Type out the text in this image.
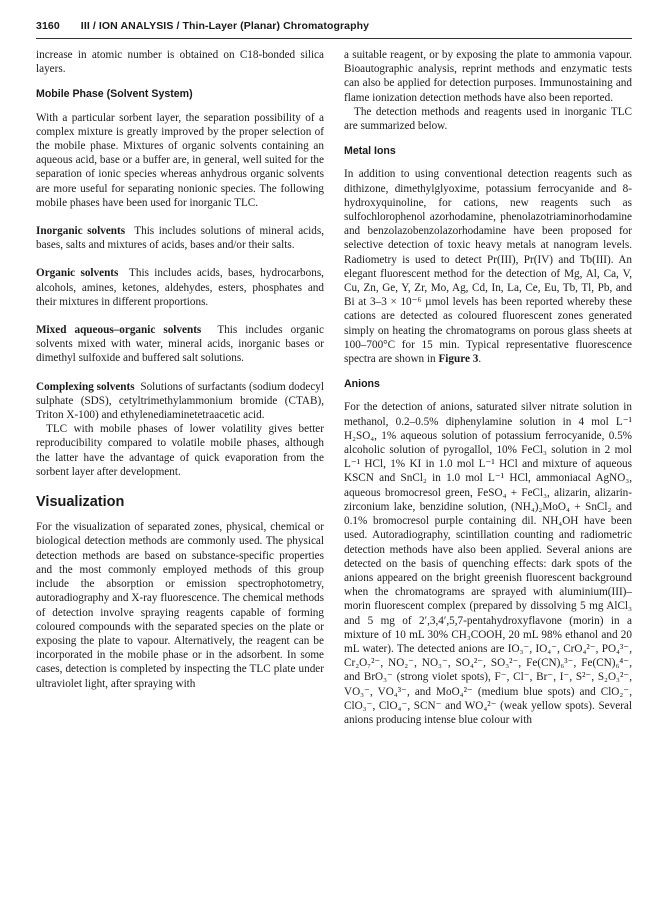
3160 III / ION ANALYSIS / Thin-Layer (Planar) Chromatography

increase in atomic number is obtained on C18-bonded silica layers.

Mobile Phase (Solvent System)

With a particular sorbent layer, the separation possibility of a complex mixture is greatly improved by the proper selection of the mobile phase. Mixtures of organic solvents containing an aqueous acid, base or a buffer are, in general, well suited for the separation of ionic species whereas anhydrous organic solvents are more useful for separating nonionic species. The following mobile phases have been used for inorganic TLC.

Inorganic solvents This includes solutions of mineral acids, bases, salts and mixtures of acids, bases and/or their salts.

Organic solvents This includes acids, bases, hydrocarbons, alcohols, amines, ketones, aldehydes, esters, phosphates and their mixtures in different proportions.

Mixed aqueous–organic solvents This includes organic solvents mixed with water, mineral acids, inorganic bases or dimethyl sulfoxide and buffered salt solutions.

Complexing solvents Solutions of surfactants (sodium dodecyl sulphate (SDS), cetyltrimethylammonium bromide (CTAB), Triton X-100) and ethylenediaminetetraacetic acid.

TLC with mobile phases of lower volatility gives better reproducibility compared to volatile mobile phases, although the latter have the advantage of quick evaporation from the sorbent layer after development.

Visualization

For the visualization of separated zones, physical, chemical or biological detection methods are commonly used. The physical detection methods are based on substance-specific properties and the most commonly employed methods of this group include the absorption or emission spectrophotometry, autoradiography and X-ray fluorescence. The chemical methods of detection involve spraying reagents capable of forming coloured compounds with the separated species on the plate or exposing the plate to vapour. Alternatively, the reagent can be incorporated in the mobile phase or in the adsorbent. In some cases, detection is completed by inspecting the TLC plate under ultraviolet light, after spraying with

a suitable reagent, or by exposing the plate to ammonia vapour. Bioautographic analysis, reprint methods and enzymatic tests can also be applied for detection purposes. Immunostaining and flame ionization detection methods have also been reported.

The detection methods and reagents used in inorganic TLC are summarized below.

Metal Ions

In addition to using conventional detection reagents such as dithizone, dimethylglyoxime, potassium ferrocyanide and 8-hydroxyquinoline, for cations, new reagents such as sulfochlorophenol azorhodamine, phenolazotriaminorhodamine and benzolazobenzolazorhodamine have been proposed for selective detection of toxic heavy metals at nanogram levels. Radiometry is used to detect Pr(III), Pr(IV) and Tb(III). An elegant fluorescent method for the detection of Mg, Al, Ca, V, Cu, Zn, Ge, Y, Zr, Mo, Ag, Cd, In, La, Ce, Eu, Tb, Tl, Pb, and Bi at 3–3 × 10⁻⁶ µmol levels has been reported whereby these cations are detected as coloured fluorescent zones generated simply on heating the chromatograms on porous glass sheets at 100–700°C for 15 min. Typical representative fluorescence spectra are shown in Figure 3.

Anions

For the detection of anions, saturated silver nitrate solution in methanol, 0.2–0.5% diphenylamine solution in 4 mol L⁻¹ H₂SO₄, 1% aqueous solution of potassium ferrocyanide, 0.5% alcoholic solution of pyrogallol, 10% FeCl₃ solution in 2 mol L⁻¹ HCl, 1% KI in 1.0 mol L⁻¹ HCl and mixture of aqueous KSCN and SnCl₂ in 1.0 mol L⁻¹ HCl, ammoniacal AgNO₃, aqueous bromocresol green, FeSO₄ + FeCl₃, alizarin, alizarin-zirconium lake, benzidine solution, (NH₄)₂MoO₄ + SnCl₂ and 0.1% bromocresol purple containing dil. NH₄OH have been used. Autoradiography, scintillation counting and radiometric detection methods have also been applied. Several anions are detected on the basis of quenching effects: dark spots of the anions appeared on the bright greenish fluorescent background when the chromatograms are sprayed with aluminium(III)–morin fluorescent complex (prepared by dissolving 5 mg AlCl₃ and 5 mg of 2′,3,4′,5,7-pentahydroxyflavone (morin) in a mixture of 10 mL 30% CH₃COOH, 20 mL 98% ethanol and 20 mL water). The detected anions are IO₃⁻, IO₄⁻, CrO₄²⁻, PO₄³⁻, Cr₂O₇²⁻, NO₂⁻, NO₃⁻, SO₄²⁻, SO₃²⁻, Fe(CN)₆³⁻, Fe(CN)₆⁴⁻, and BrO₃⁻ (strong violet spots), F⁻, Cl⁻, Br⁻, I⁻, S²⁻, S₂O₃²⁻, VO₃⁻, VO₄³⁻, and MoO₄²⁻ (medium blue spots) and ClO₂⁻, ClO₃⁻, ClO₄⁻, SCN⁻ and WO₄²⁻ (weak yellow spots). Several anions producing intense blue colour with
